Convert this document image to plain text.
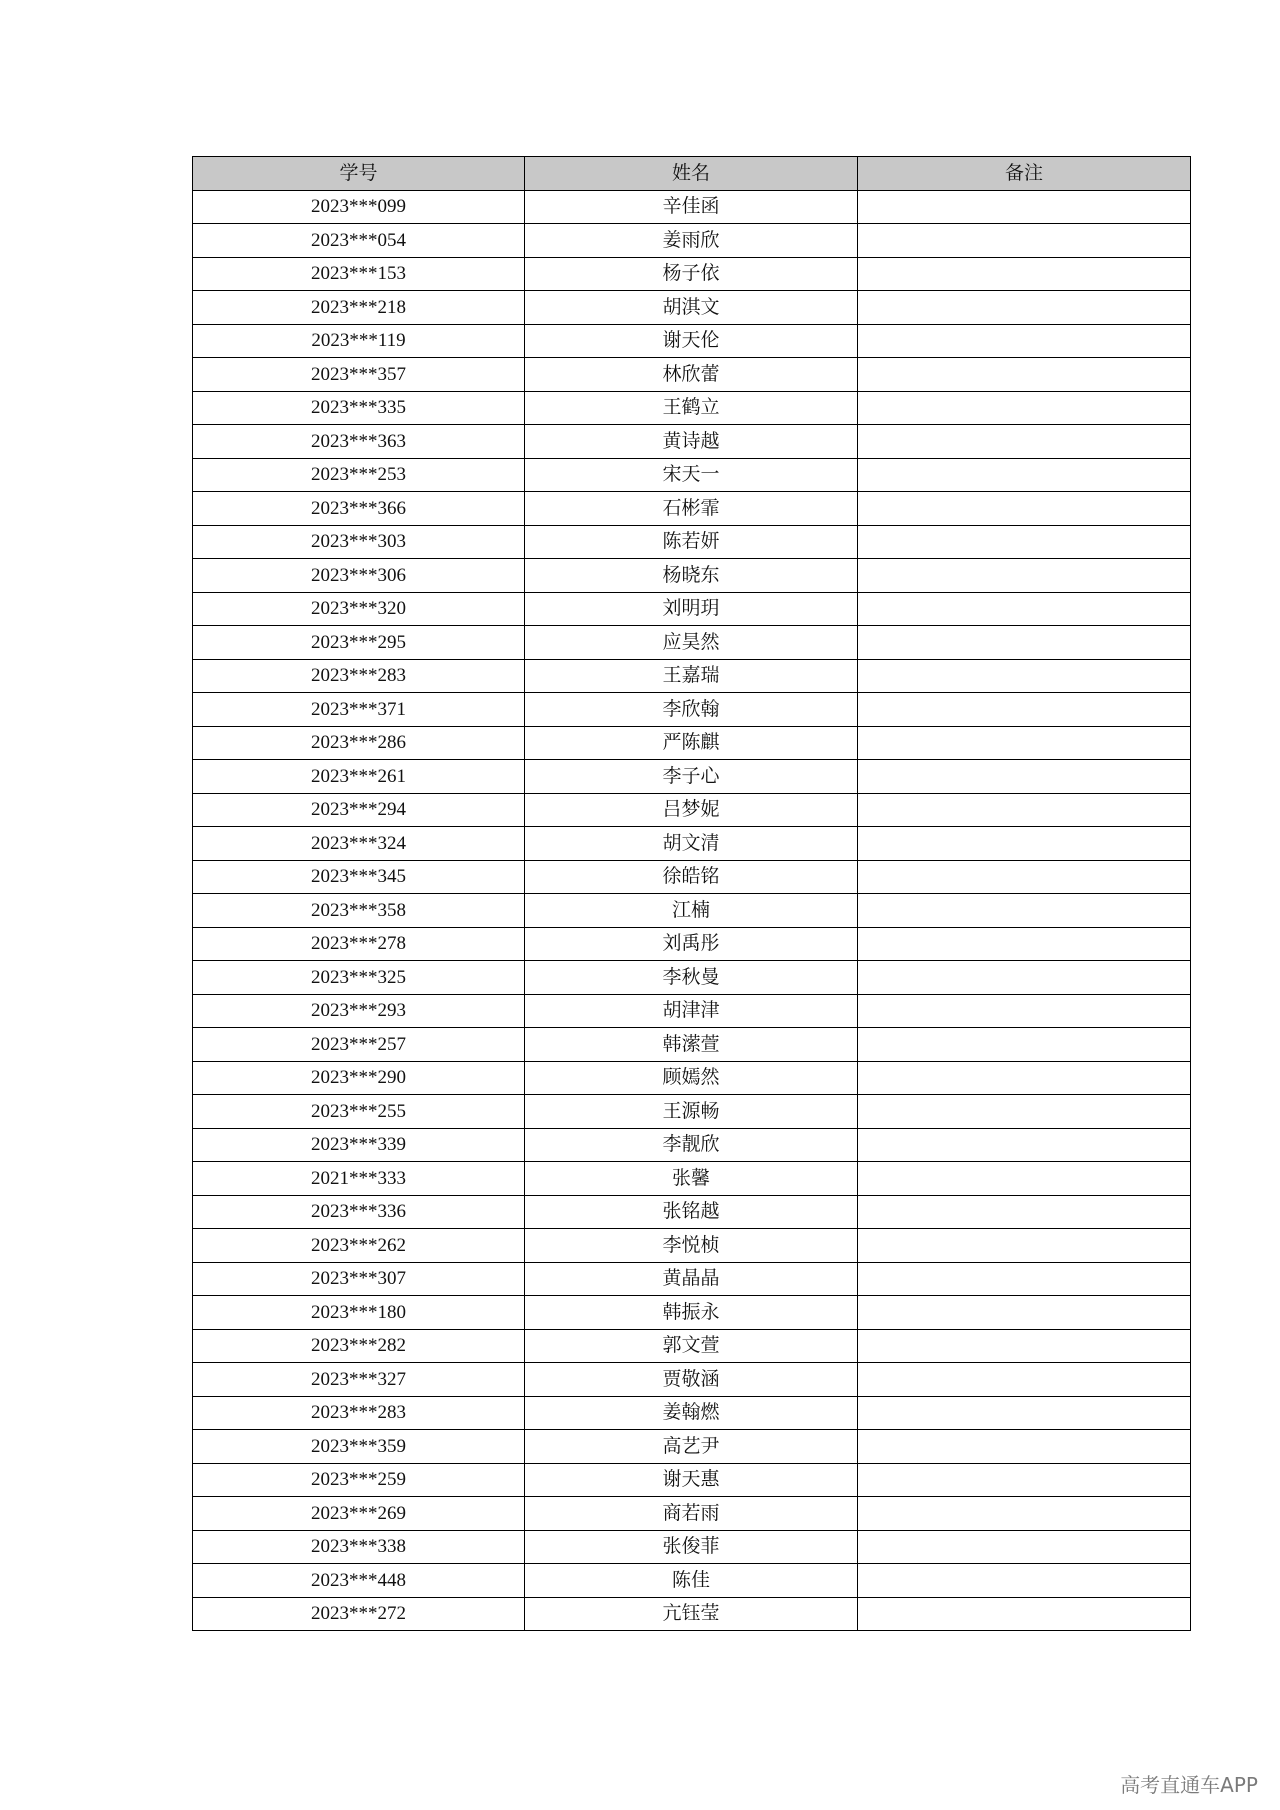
学号	姓名	备注
2023***099	辛佳函	
2023***054	姜雨欣	
2023***153	杨子依	
2023***218	胡淇文	
2023***119	谢天伦	
2023***357	林欣蕾	
2023***335	王鹤立	
2023***363	黄诗越	
2023***253	宋天一	
2023***366	石彬霏	
2023***303	陈若妍	
2023***306	杨晓东	
2023***320	刘明玥	
2023***295	应昊然	
2023***283	王嘉瑞	
2023***371	李欣翰	
2023***286	严陈麒	
2023***261	李子心	
2023***294	吕梦妮	
2023***324	胡文清	
2023***345	徐皓铭	
2023***358	江楠	
2023***278	刘禹彤	
2023***325	李秋曼	
2023***293	胡津津	
2023***257	韩潆萱	
2023***290	顾嫣然	
2023***255	王源畅	
2023***339	李靓欣	
2021***333	张馨	
2023***336	张铭越	
2023***262	李悦桢	
2023***307	黄晶晶	
2023***180	韩振永	
2023***282	郭文萱	
2023***327	贾敬涵	
2023***283	姜翰燃	
2023***359	高艺尹	
2023***259	谢天惠	
2023***269	商若雨	
2023***338	张俊菲	
2023***448	陈佳	
2023***272	亢钰莹	
高考直通车APP
